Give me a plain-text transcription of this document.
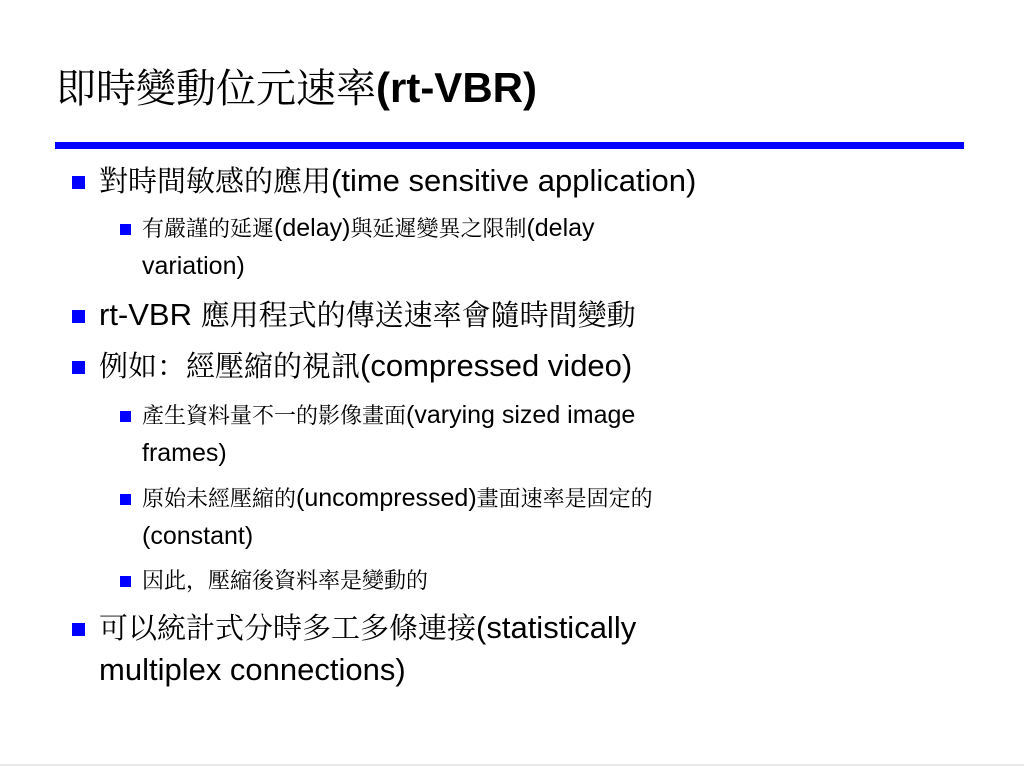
即時變動位元速率(rt-VBR)
對時間敏感的應用(time sensitive application)
有嚴謹的延遲(delay)與延遲變異之限制(delay
variation)
rt-VBR 應用程式的傳送速率會隨時間變動
例如：經壓縮的視訊(compressed video)
產生資料量不一的影像畫面(varying sized image
frames)
原始未經壓縮的(uncompressed)畫面速率是固定的
(constant)
因此，壓縮後資料率是變動的
可以統計式分時多工多條連接(statistically
multiplex connections)
